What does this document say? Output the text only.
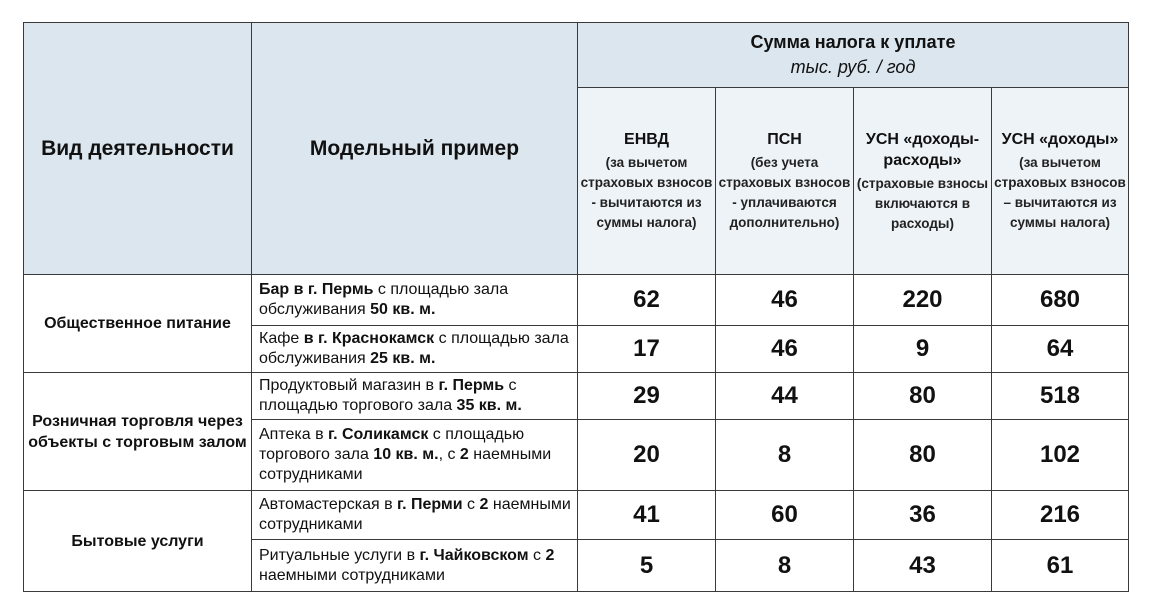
Вид деятельности	Модельный пример	Сумма налога к уплате
тыс. руб. / год			

		ЕНВД
(за вычетом
страховых взносов
- вычитаются из
суммы налога)	ПСН
(без учета
страховых взносов
- уплачиваются
дополнительно)	УСН «доходы-
расходы»
(страховые взносы
включаются в
расходы)	УСН «доходы»
(за вычетом
страховых взносов
– вычитаются из
суммы налога)

Общественное питание	Бар в г. Пермь с площадью зала обслуживания 50 кв. м.	62	46	220	680
	Кафе в г. Краснокамск с площадью зала обслуживания 25 кв. м.	17	46	9	64

Розничная торговля через
объекты с торговым залом	Продуктовый магазин в г. Пермь с площадью торгового зала 35 кв. м.	29	44	80	518
	Аптека в г. Соликамск с площадью торгового зала 10 кв. м., с 2 наемными сотрудниками	20	8	80	102
Бытовые услуги	Автомастерская в г. Перми с 2 наемными сотрудниками	41	60	36	216
	Ритуальные услуги в г. Чайковском с 2 наемными сотрудниками	5	8	43	61
